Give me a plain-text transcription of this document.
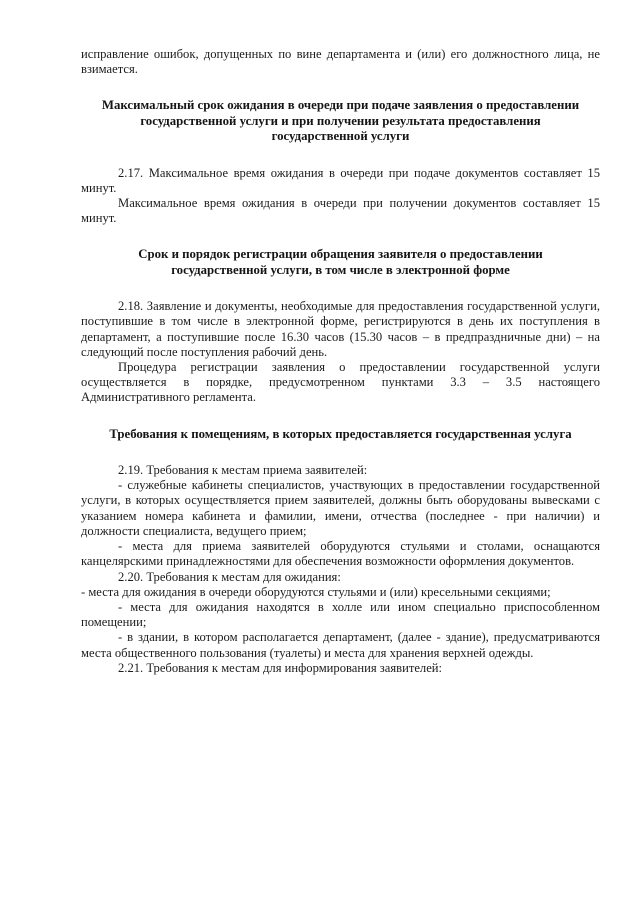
исправление ошибок, допущенных по вине департамента и (или) его должностного лица, не взимается.

Максимальный срок ожидания в очереди при подаче заявления о предоставлении государственной услуги и при получении результата предоставления государственной услуги

2.17. Максимальное время ожидания в очереди при подаче документов составляет 15 минут.

Максимальное время ожидания в очереди при получении документов составляет 15 минут.

Срок и порядок регистрации обращения заявителя о предоставлении государственной услуги, в том числе в электронной форме

2.18. Заявление и документы, необходимые для предоставления государственной услуги, поступившие в том числе в электронной форме, регистрируются в день их поступления в департамент, а поступившие после 16.30 часов (15.30 часов – в предпраздничные дни) – на следующий после поступления рабочий день.

Процедура регистрации заявления о предоставлении государственной услуги осуществляется в порядке, предусмотренном пунктами 3.3 – 3.5 настоящего Административного регламента.

Требования к помещениям, в которых предоставляется государственная услуга

2.19. Требования к местам приема заявителей:

- служебные кабинеты специалистов, участвующих в предоставлении государственной услуги, в которых осуществляется прием заявителей, должны быть оборудованы вывесками с указанием номера кабинета и фамилии, имени, отчества (последнее - при наличии) и должности специалиста, ведущего прием;

- места для приема заявителей оборудуются стульями и столами, оснащаются канцелярскими принадлежностями для обеспечения возможности оформления документов.

2.20. Требования к местам для ожидания:

- места для ожидания в очереди оборудуются стульями и (или) кресельными секциями;

- места для ожидания находятся в холле или ином специально приспособленном помещении;

- в здании, в котором располагается департамент, (далее - здание), предусматриваются места общественного пользования (туалеты) и места для хранения верхней одежды.

2.21. Требования к местам для информирования заявителей:
